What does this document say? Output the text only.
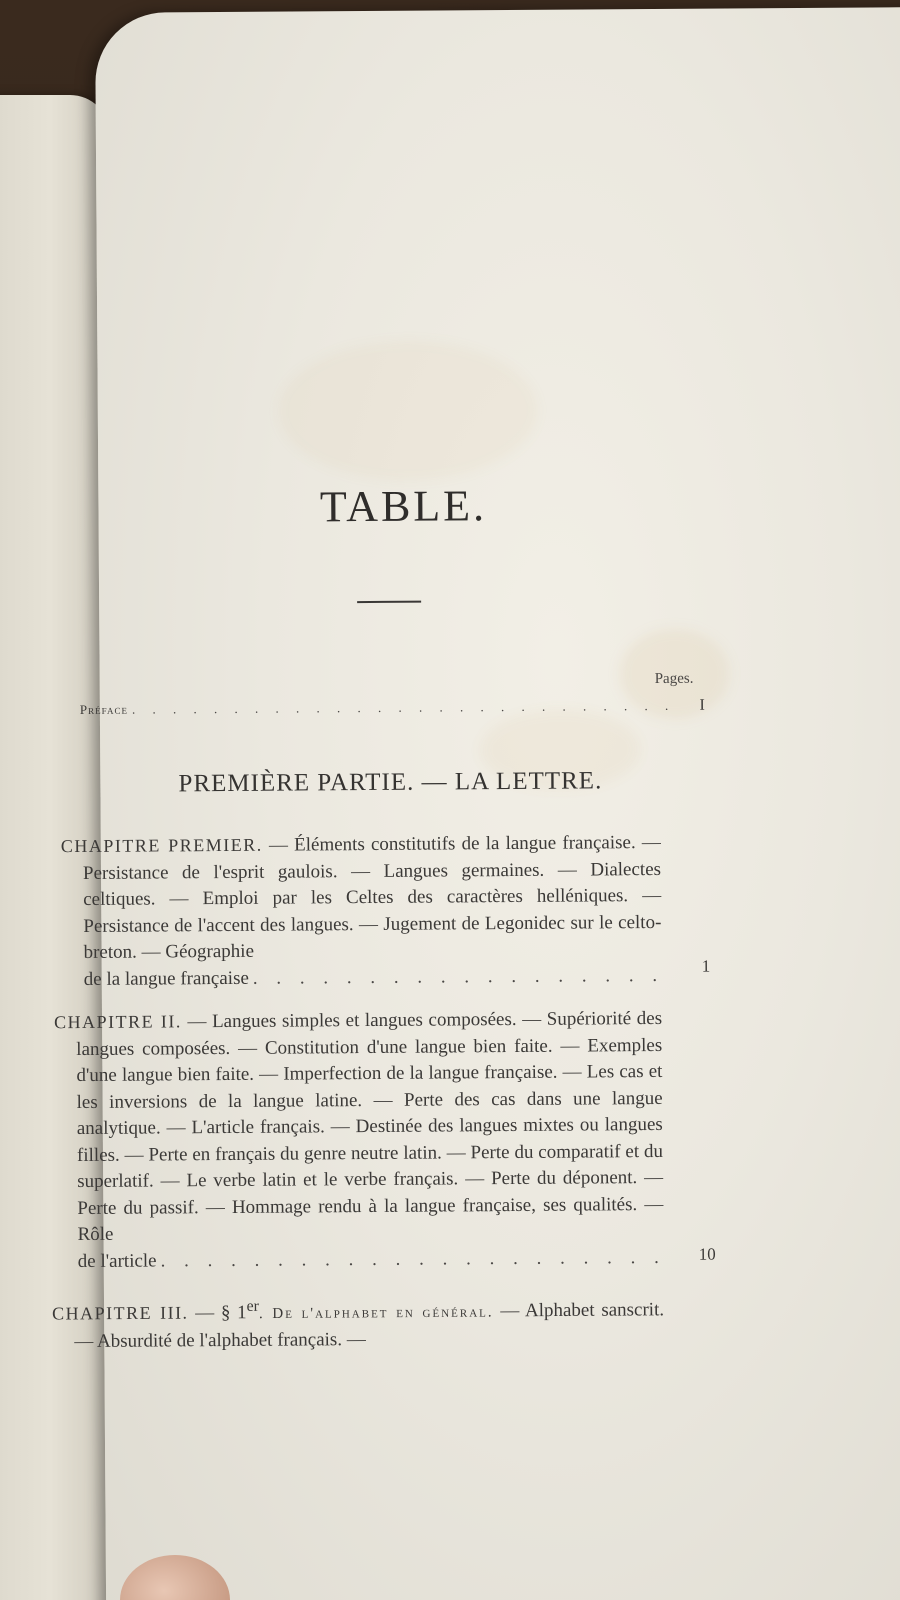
TABLE.
Pages.
Préface . . .	I
PREMIÈRE PARTIE. — LA LETTRE.

CHAPITRE PREMIER. — Éléments constitutifs de la langue française. — Persistance de l'esprit gaulois. — Langues germaines. — Dialectes celtiques. — Emploi par les Celtes des caractères helléniques. — Persistance de l'accent des langues. — Jugement de Legonidec sur le celto-breton. — Géographie

de la langue française
. . .
1

CHAPITRE II. — Langues simples et langues composées. — Supériorité des langues composées. — Constitution d'une langue bien faite. — Exemples d'une langue bien faite. — Imperfection de la langue française. — Les cas et les inversions de la langue latine. — Perte des cas dans une langue analytique. — L'article français. — Destinée des langues mixtes ou langues filles. — Perte en français du genre neutre latin. — Perte du comparatif et du superlatif. — Le verbe latin et le verbe français. — Perte du déponent. — Perte du passif. — Hommage rendu à la langue française, ses qualités. — Rôle

de l'article . . .	10

CHAPITRE III. — § 1er. De l'alphabet en général. — Alphabet sanscrit. — Absurdité de l'alphabet français. —
